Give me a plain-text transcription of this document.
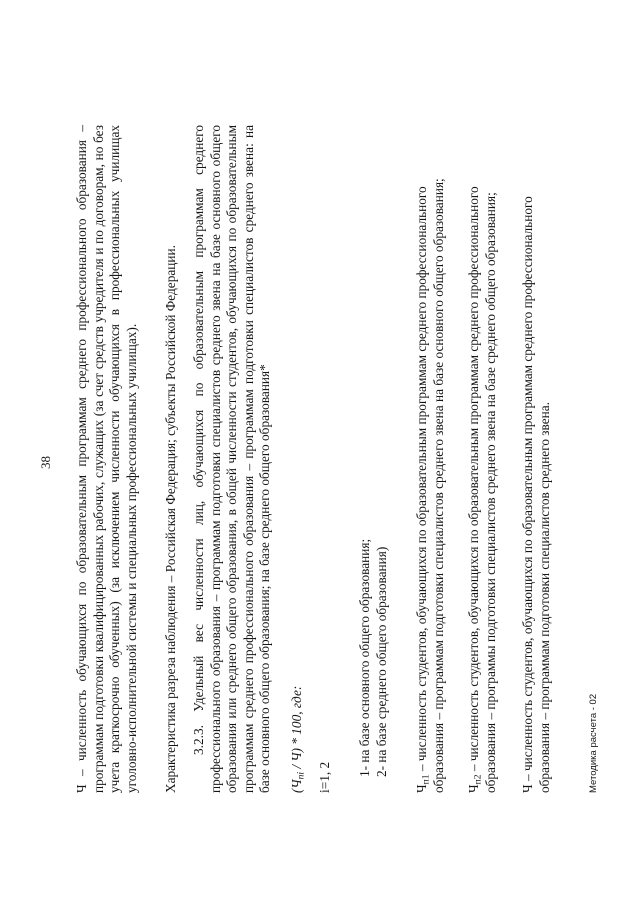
38 Ч – численность обучающихся по образовательным программам среднего профессионального образования – программам подготовки квалифицированных рабочих, служащих (за счет средств учредителя и по договорам, но без учета краткосрочно обученных) (за исключением численности обучающихся в профессиональных училищах уголовно-исполнительной системы и специальных профессиональных училищах). Характеристика разреза наблюдения – Российская Федерация; субъекты Российской Федерации. 3.2.3. Удельный вес численности лиц, обучающихся по образовательным программам среднего профессионального образования – программам подготовки специалистов среднего звена на базе основного общего образования или среднего общего образования, в общей численности студентов, обучающихся по образовательным программам среднего профессионального образования – программам подготовки специалистов среднего звена: на базе основного общего образования; на базе среднего общего образования* $(Ч_{пi} / Ч) * 100$, где:
i=1, 2

1- на базе основного общего образования; 2- на базе среднего общего образования)

$Ч_{п1}$ – численность студентов, обучающихся по образовательным программам среднего профессионального образования – программам подготовки специалистов среднего звена на базе основного общего образования; $Ч_{п2}$ – численность студентов, обучающихся по образовательным программам среднего профессионального образования – программы подготовки специалистов среднего звена на базе среднего общего образования; Ч – численность студентов, обучающихся по образовательным программам среднего профессионального образования – программам подготовки специалистов среднего звена.	Методика расчета - 02
